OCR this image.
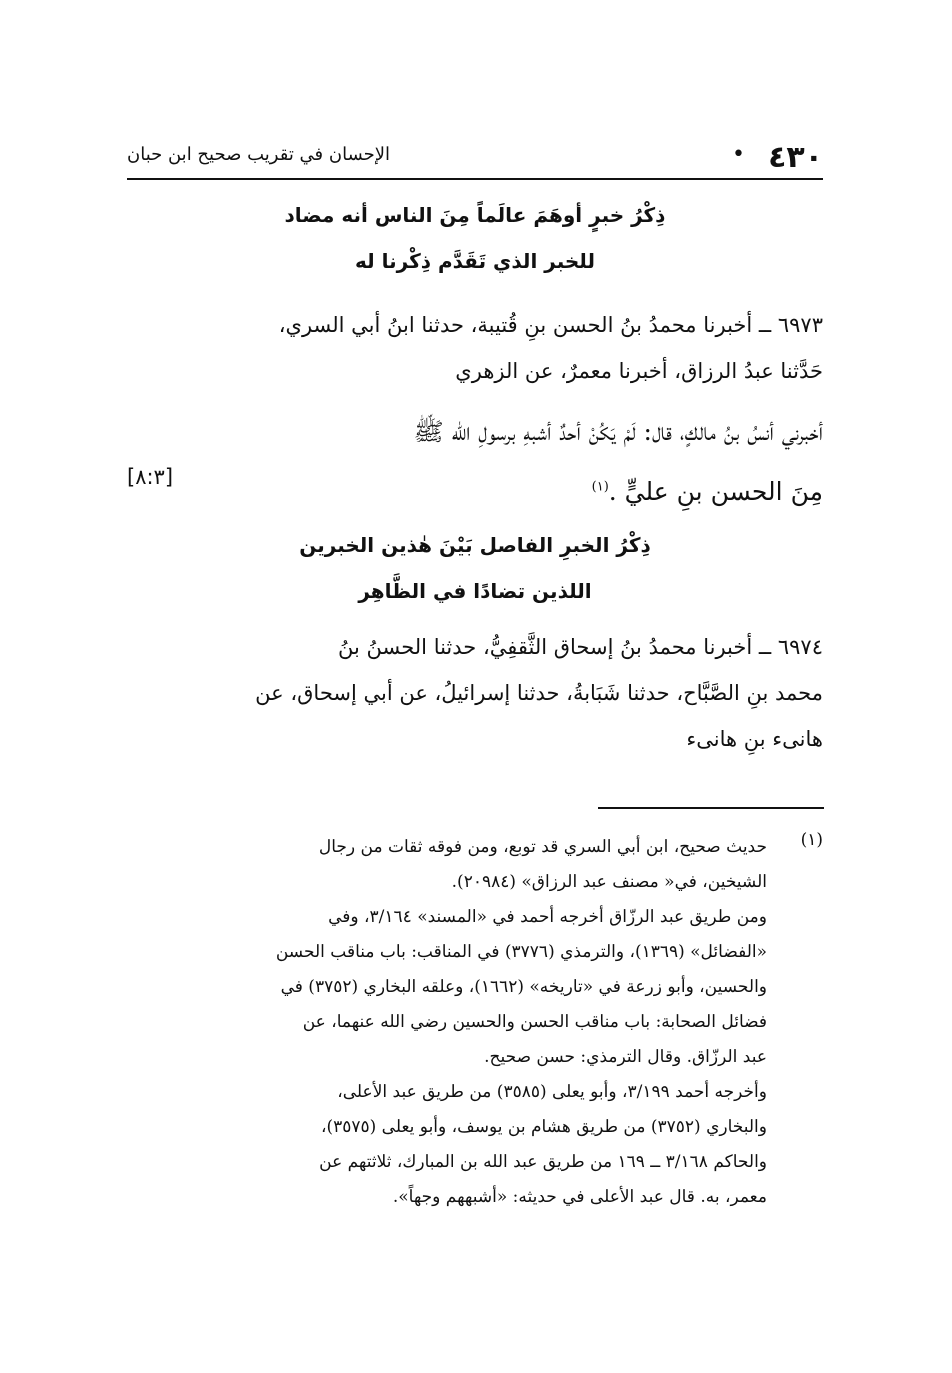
٤٣٠
•
الإحسان في تقريب صحيح ابن حبان
ذِكْرُ خبرٍ أوهَمَ عالَماً مِنَ الناس أنه مضاد
للخبر الذي تَقَدَّم ذِكْرنا له
٦٩٧٣ ــ أخبرنا محمدُ بنُ الحسن بنِ قُتيبة، حدثنا ابنُ أبي السري،
حَدَّثنا عبدُ الرزاق، أخبرنا معمرٌ، عن الزهري
أخبرني أنسُ بنُ مالكٍ، قال: لَمْ يَكُنْ أحدٌ أشبهِ برسولِ الله ﷺ
مِنَ الحسن بنِ عليٍّ .$^{(١)}$
[٨:٣]
ذِكْرُ الخبرِ الفاصل بَيْنَ هٰذين الخبرين
اللذين تضادًا في الظَّاهِر
٦٩٧٤ ــ أخبرنا محمدُ بنُ إسحاق الثَّقفِيُّ، حدثنا الحسنُ بنُ
محمد بنِ الصَّبَّاح، حدثنا شَبَابةُ، حدثنا إسرائيلُ، عن أبي إسحاق، عن
هانىء بنِ هانىء
(١)
حديث صحيح، ابن أبي السري قد توبع، ومن فوقه ثقات من رجال
الشيخين، في« مصنف عبد الرزاق» (٢٠٩٨٤).
ومن طريق عبد الرزّاق أخرجه أحمد في «المسند» ٣/١٦٤، وفي
«الفضائل» (١٣٦٩)، والترمذي (٣٧٧٦) في المناقب: باب مناقب الحسن
والحسين، وأبو زرعة في «تاريخه» (١٦٦٢)، وعلقه البخاري (٣٧٥٢) في
فضائل الصحابة: باب مناقب الحسن والحسين رضي الله عنهما، عن
عبد الرزّاق. وقال الترمذي: حسن صحيح.
وأخرجه أحمد ٣/١٩٩، وأبو يعلى (٣٥٨٥) من طريق عبد الأعلى،
والبخاري (٣٧٥٢) من طريق هشام بن يوسف، وأبو يعلى (٣٥٧٥)،
والحاكم ٣/١٦٨ ــ ١٦٩ من طريق عبد الله بن المبارك، ثلاثتهم عن
معمر، به. قال عبد الأعلى في حديثه: «أشبههم وجهاً».
